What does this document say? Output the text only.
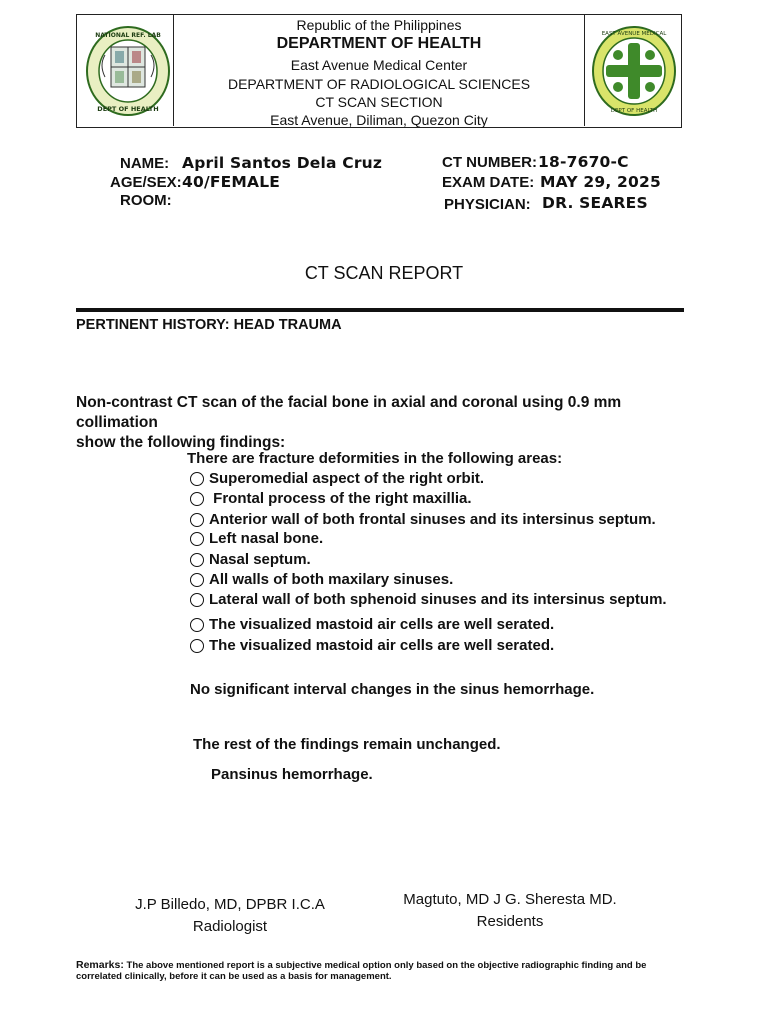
NATIONAL REF. LAB
DEPT OF HEALTH
Republic of the Philippines
DEPARTMENT OF HEALTH
East Avenue Medical Center
DEPARTMENT OF RADIOLOGICAL SCIENCES
CT SCAN SECTION
East Avenue, Diliman, Quezon City
EAST AVENUE MEDICAL
DEPT OF HEALTH
NAME: April Santos Dela Cruz
AGE/SEX: 40/FEMALE
ROOM:
CT NUMBER: 18-7670-C
EXAM DATE: MAY 29, 2025
PHYSICIAN: DR. SEARES
CT SCAN REPORT
PERTINENT HISTORY: HEAD TRAUMA
Non-contrast CT scan of the facial bone in axial and coronal using 0.9 mm collimation
show the following findings:
There are fracture deformities in the following areas:
Superomedial aspect of the right orbit.
Frontal process of the right maxillia.
Anterior wall of both frontal sinuses and its intersinus septum.
Left nasal bone.
Nasal septum.
All walls of both maxilary sinuses.
Lateral wall of both sphenoid sinuses and its intersinus septum.
The visualized mastoid air cells are well serated.
The visualized mastoid air cells are well serated.
No significant interval changes in the sinus hemorrhage.
The rest of the findings remain unchanged.
Pansinus hemorrhage.
J.P Billedo, MD, DPBR I.C.A
Radiologist
Magtuto, MD J G. Sheresta MD.
Residents
Remarks: The above mentioned report is a subjective medical option only based on the objective radiographic finding and be correlated clinically, before it can be used as a basis for management.
